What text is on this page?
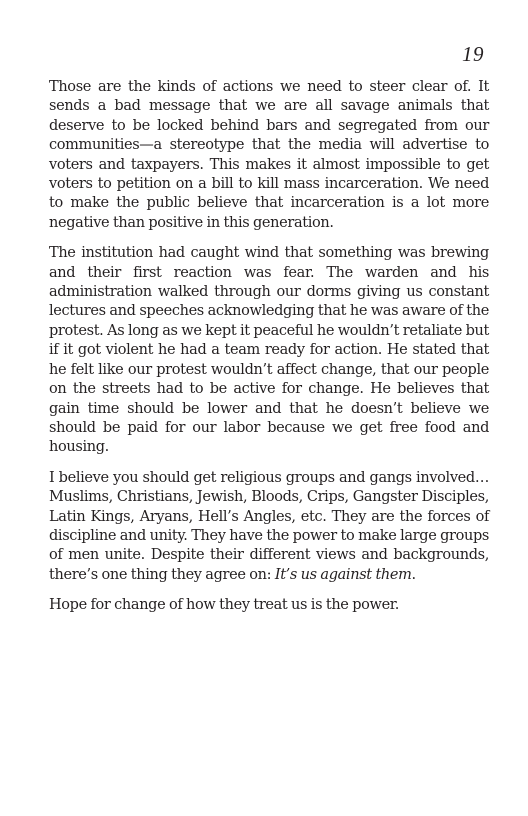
19

Those are the kinds of actions we need to steer clear of. It sends a bad message that we are all savage animals that deserve to be locked behind bars and segregated from our communities—a stereotype that the media will advertise to voters and taxpayers. This makes it almost impossible to get voters to petition on a bill to kill mass incarceration. We need to make the public believe that incarceration is a lot more negative than positive in this generation.

The institution had caught wind that something was brewing and their first reaction was fear. The warden and his administration walked through our dorms giving us constant lectures and speeches acknowledging that he was aware of the protest. As long as we kept it peaceful he wouldn’t retaliate but if it got violent he had a team ready for action. He stated that he felt like our protest wouldn’t affect change, that our people on the streets had to be active for change. He believes that gain time should be lower and that he doesn’t believe we should be paid for our labor because we get free food and housing.

I believe you should get religious groups and gangs involved… Muslims, Christians, Jewish, Bloods, Crips, Gangster Disciples, Latin Kings, Aryans, Hell’s Angles, etc. They are the forces of discipline and unity. They have the power to make large groups of men unite. Despite their different views and backgrounds, there’s one thing they agree on: It’s us against them.

Hope for change of how they treat us is the power.
